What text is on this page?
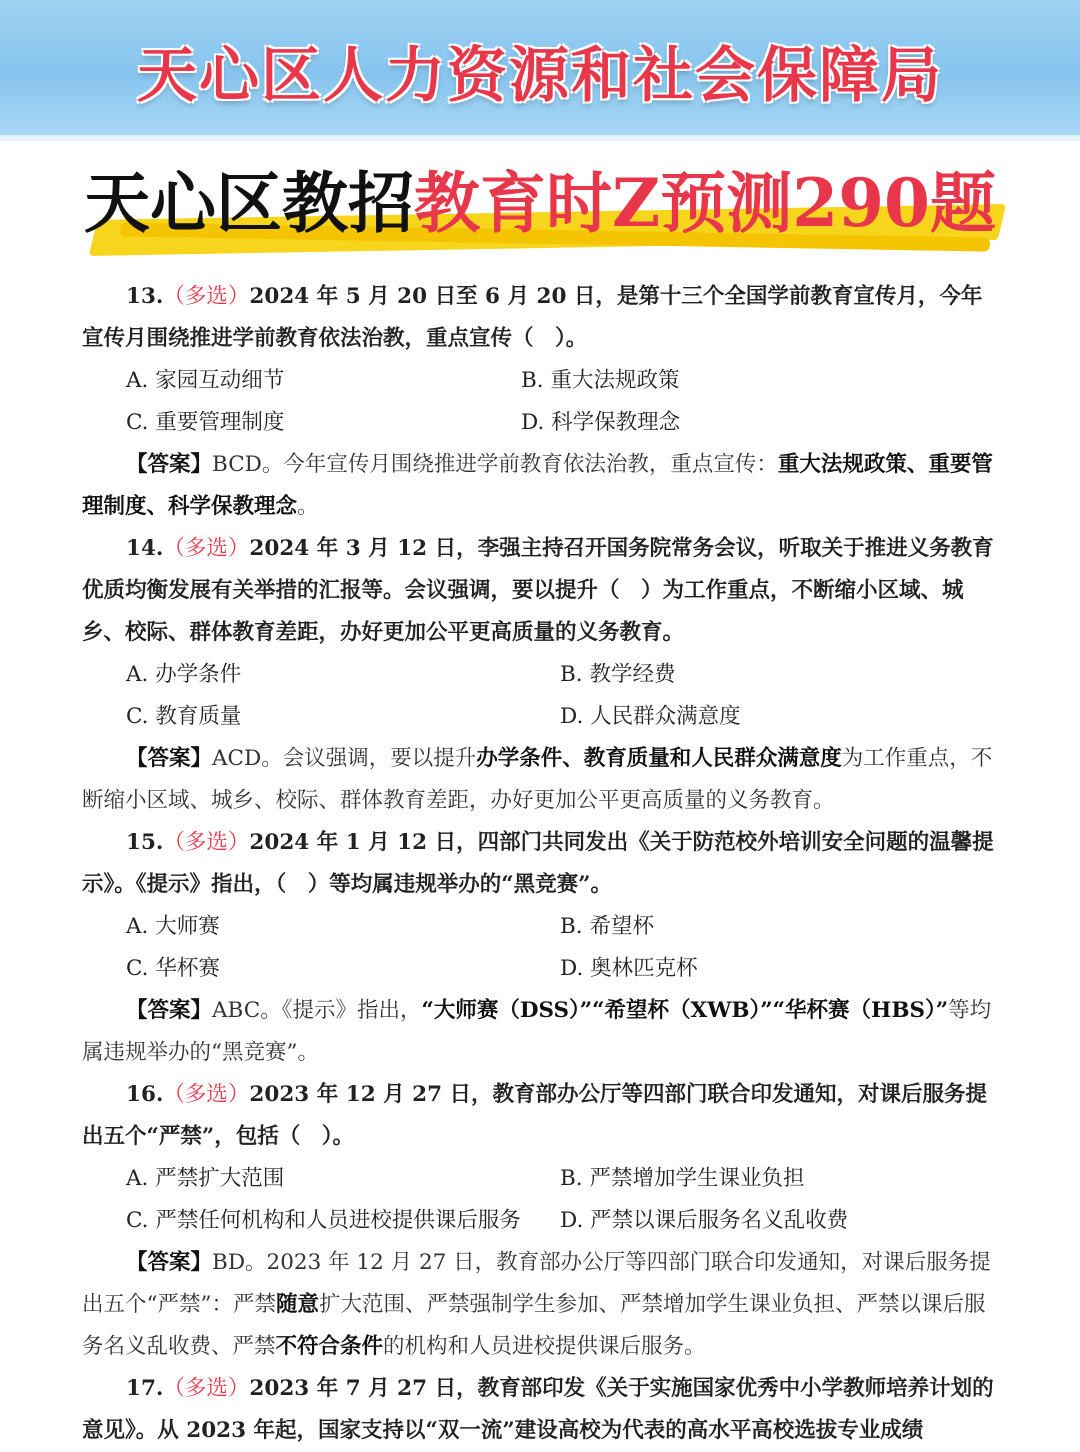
天心区人力资源和社会保障局
天心区教招教育时Z预测290题

13.（多选）2024 年 5 月 20 日至 6 月 20 日，是第十三个全国学前教育宣传月，今年宣传月围绕推进学前教育依法治教，重点宣传（　）。

A. 家园互动细节	B. 重大法规政策

C. 重要管理制度	D. 科学保教理念

【答案】BCD。今年宣传月围绕推进学前教育依法治教，重点宣传：重大法规政策、重要管理制度、科学保教理念。

14.（多选）2024 年 3 月 12 日，李强主持召开国务院常务会议，听取关于推进义务教育优质均衡发展有关举措的汇报等。会议强调，要以提升（　）为工作重点，不断缩小区域、城乡、校际、群体教育差距，办好更加公平更高质量的义务教育。

A. 办学条件	B. 教学经费

C. 教育质量	D. 人民群众满意度

【答案】ACD。会议强调，要以提升办学条件、教育质量和人民群众满意度为工作重点，不断缩小区域、城乡、校际、群体教育差距，办好更加公平更高质量的义务教育。

15.（多选）2024 年 1 月 12 日，四部门共同发出《关于防范校外培训安全问题的温馨提示》。《提示》指出，（　）等均属违规举办的“黑竞赛”。

A. 大师赛	B. 希望杯

C. 华杯赛	D. 奥林匹克杯

【答案】ABC。《提示》指出，“大师赛（DSS）”“希望杯（XWB）”“华杯赛（HBS）”等均属违规举办的“黑竞赛”。

16.（多选）2023 年 12 月 27 日，教育部办公厅等四部门联合印发通知，对课后服务提出五个“严禁”，包括（　）。

A. 严禁扩大范围	B. 严禁增加学生课业负担

C. 严禁任何机构和人员进校提供课后服务	D. 严禁以课后服务名义乱收费

【答案】BD。2023 年 12 月 27 日，教育部办公厅等四部门联合印发通知，对课后服务提出五个“严禁”：严禁随意扩大范围、严禁强制学生参加、严禁增加学生课业负担、严禁以课后服务名义乱收费、严禁不符合条件的机构和人员进校提供课后服务。

17.（多选）2023 年 7 月 27 日，教育部印发《关于实施国家优秀中小学教师培养计划的意见》。从 2023 年起，国家支持以“双一流”建设高校为代表的高水平高校选拔专业成绩
